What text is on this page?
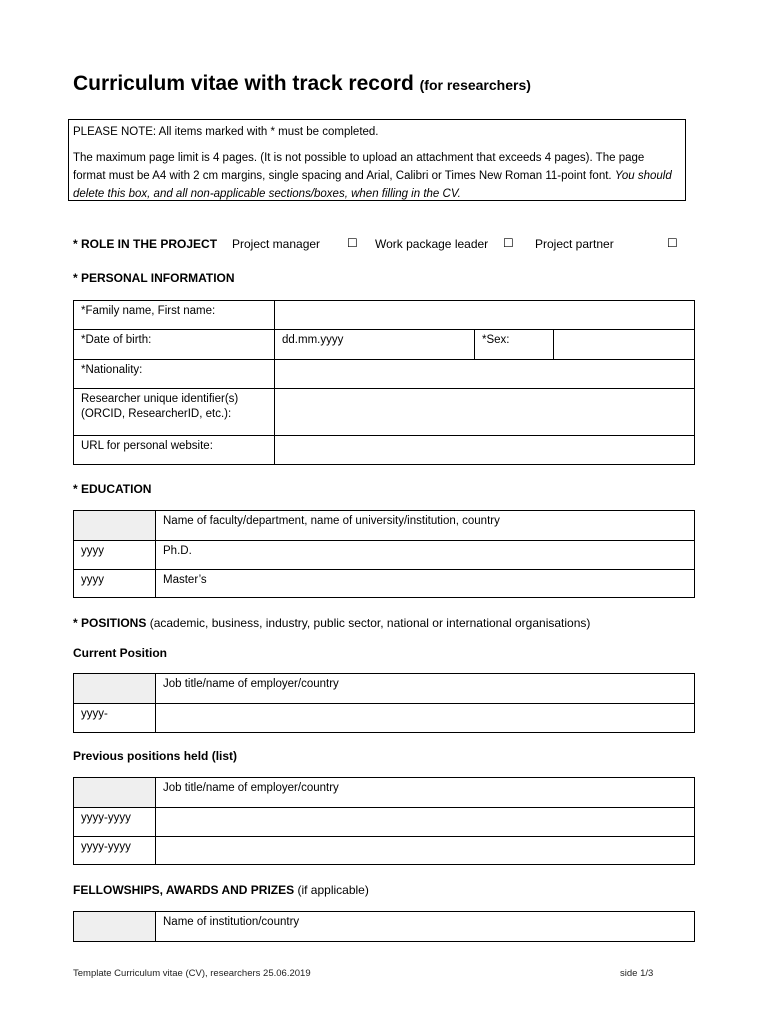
Curriculum vitae with track record (for researchers)

PLEASE NOTE: All items marked with * must be completed.

The maximum page limit is 4 pages. (It is not possible to upload an attachment that exceeds 4 pages). The page format must be A4 with 2 cm margins, single spacing and Arial, Calibri or Times New Roman 11-point font. You should delete this box, and all non-applicable sections/boxes, when filling in the CV.

* ROLE IN THE PROJECT Project manager ☐ Work package leader ☐ Project partner	☐
* PERSONAL INFORMATION
*Family name, First name:			
*Date of birth:	dd.mm.yyyy	*Sex:	
*Nationality:			
Researcher unique identifier(s)
(ORCID, ResearcherID, etc.):			
URL for personal website:			
* EDUCATION
	Name of faculty/department, name of university/institution, country
yyyy	Ph.D.
yyyy	Master’s
* POSITIONS (academic, business, industry, public sector, national or international organisations)
Current Position
	Job title/name of employer/country
yyyy-	
Previous positions held (list)
	Job title/name of employer/country
yyyy-yyyy	
yyyy-yyyy	
FELLOWSHIPS, AWARDS AND PRIZES (if applicable)
	Name of institution/country
Template Curriculum vitae (CV), researchers 25.06.2019	side 1/3
